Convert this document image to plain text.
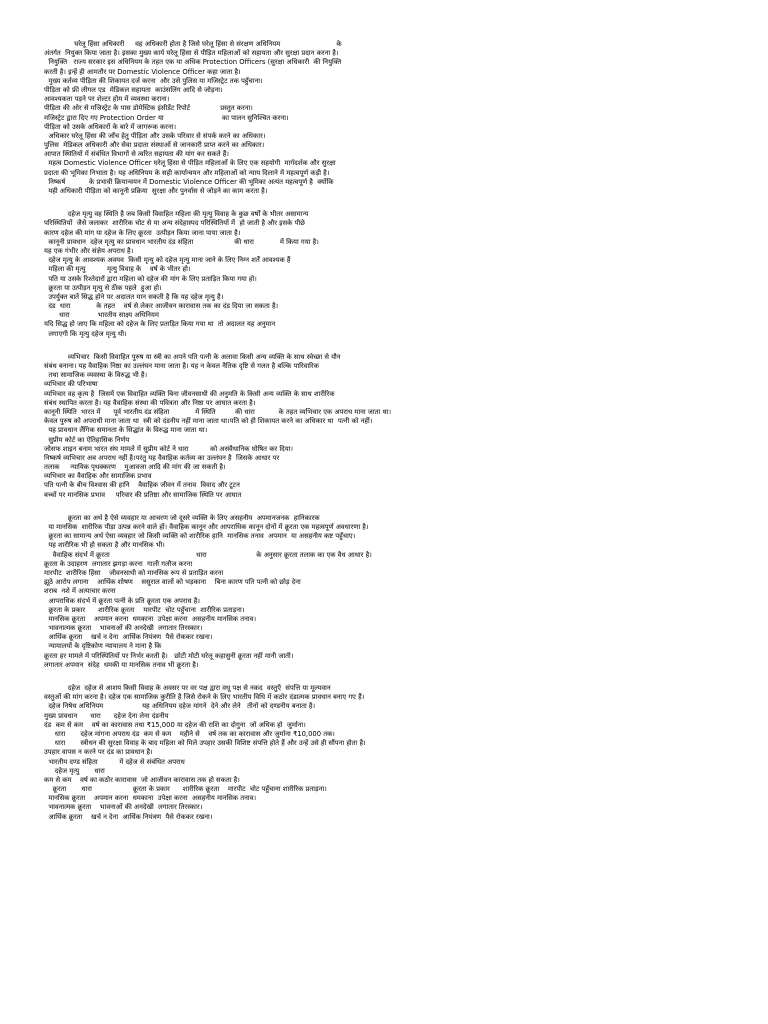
घरेलू हिंसा अधिकारी     वह अधिकारी होता है जिसे घरेलू हिंसा से संरक्षण अधिनियम                          के
अंतर्गत  नियुक्त किया जाता है। इसका मुख्य कार्य घरेलू हिंसा से पीड़ित महिलाओं को सहायता और सुरक्षा प्रदान करना है।
नियुक्ति   राज्य सरकार इस अधिनियम के तहत एक या अधिक Protection Officers (सुरक्षा अधिकारी  की नियुक्ति
करती है। इन्हें ही आमतौर पर Domestic Violence Officer कहा जाता है।
मुख्य कर्तव्य पीड़िता की शिकायत दर्ज करना  और उसे पुलिस या मजिस्ट्रेट तक पहुँचाना।
पीड़िता को फ्री लीगल एड  मेडिकल सहायता  काउंसलिंग आदि से जोड़ना।
आवश्यकता पड़ने पर शेल्टर होम में व्यवस्था कराना।
पीड़िता की ओर से मजिस्ट्रेट के पास डोमेस्टिक इंसीडेंट रिपोर्ट              प्रस्तुत करना।
मजिस्ट्रेट द्वारा दिए गए Protection Order या                           का पालन सुनिश्चित करना।
पीड़िता को उसके अधिकारों के बारे में जागरूक करना।
अधिकार घरेलू हिंसा की जाँच हेतु पीड़िता और उसके परिवार से संपर्क करने का अधिकार।
पुलिस  मेडिकल अधिकारी और सेवा प्रदाता संस्थाओं से जानकारी प्राप्त करने का अधिकार।
आपात स्थितियों में संबंधित विभागों से त्वरित सहायता की मांग कर सकते हैं।
महत्व Domestic Violence Officer घरेलू हिंसा से पीड़ित महिलाओं के लिए एक सहयोगी  मार्गदर्शक और सुरक्षा
प्रदाता की भूमिका निभाता है। यह अधिनियम के सही कार्यान्वयन और महिलाओं को न्याय दिलाने में महत्वपूर्ण कड़ी है।
निष्कर्ष           के प्रभावी क्रियान्वयन में Domestic Violence Officer की भूमिका अत्यंत महत्वपूर्ण है  क्योंकि
यही अधिकारी पीड़िता को कानूनी प्रक्रिया  सुरक्षा और पुनर्वास से जोड़ने का काम करता है।
दहेज मृत्यु वह स्थिति है जब किसी विवाहित महिला की मृत्यु विवाह के कुछ वर्षों के भीतर असामान्य
परिस्थितियों  जैसे जलाकर  शारीरिक चोट से या अन्य संदेहास्पद परिस्थितियों में  हो जाती है और इसके पीछे
कारण दहेज की मांग या दहेज के लिए क्रूरता  उत्पीड़न किया जाना पाया जाता है।
कानूनी प्रावधान  दहेज मृत्यु का प्रावधान भारतीय दंड संहिता                   की धारा            में किया गया है।
यह एक गंभीर और संज्ञेय अपराध है।
दहेज मृत्यु के आवश्यक अवयव  किसी मृत्यु को दहेज मृत्यु माना जाने के लिए निम्न शर्तें आवश्यक हैं
महिला की मृत्यु          मृत्यु विवाह के    वर्ष के भीतर हो।
पति या उसके रिश्तेदारों द्वारा महिला को दहेज की मांग के लिए प्रताड़ित किया गया हो।
क्रूरता या उत्पीड़न मृत्यु से ठीक पहले  हुआ हो।
उपर्युक्त बातें सिद्ध होने पर अदालत मान सकती है कि यह दहेज मृत्यु है।
दंड  धारा            के तहत    वर्ष से लेकर आजीवन कारावास तक का दंड दिया जा सकता है।
धारा             भारतीय साक्ष्य अधिनियम
यदि सिद्ध हो जाए कि महिला को दहेज के लिए प्रताड़ित किया गया था  तो अदालत यह अनुमान
लगाएगी कि मृत्यु दहेज मृत्यु थी।
व्यभिचार  किसी विवाहित पुरुष या स्त्री का अपने पति पत्नी के अलावा किसी अन्य व्यक्ति के साथ स्वेच्छा से यौन
संबंध बनाना। यह वैवाहिक निष्ठा का उल्लंघन माना जाता है। यह न केवल नैतिक दृष्टि से गलत है बल्कि पारिवारिक
तथा सामाजिक व्यवस्था के विरुद्ध भी है।
व्यभिचार की परिभाषा
व्यभिचार वह कृत्य है  जिसमें एक विवाहित व्यक्ति बिना जीवनसाथी की अनुमति के किसी अन्य व्यक्ति के साथ शारीरिक
संबंध स्थापित करता है। यह वैवाहिक संस्था की पवित्रता और निष्ठा पर आघात करता है।
कानूनी स्थिति  भारत में      पूर्व भारतीय दंड संहिता            में स्थिति         की धारा           के तहत व्यभिचार एक अपराध माना जाता था।
केवल पुरुष को अपराधी माना जाता था  स्त्री को दंडनीय नहीं माना जाता था।पति को ही शिकायत करने का अधिकार था  पत्नी को नहीं।
यह प्रावधान लैंगिक समानता के सिद्धांत के विरुद्ध माना जाता था।
सुप्रीम कोर्ट का ऐतिहासिक निर्णय
जोसफ शाइन बनाम भारत संघ मामले में सुप्रीम कोर्ट ने धारा          को असंवैधानिक घोषित कर दिया।
निष्कर्ष व्यभिचार अब अपराध नहीं है।परंतु यह वैवाहिक कर्तव्य का उल्लंघन है  जिसके आधार पर
तलाक     न्यायिक पृथक्करण    मुआवजा आदि की मांग की जा सकती है।
व्यभिचार का वैवाहिक और सामाजिक प्रभाव
पति पत्नी के बीच विश्वास की हानि    वैवाहिक जीवन में तनाव  विवाद और टूटन
बच्चों पर मानसिक प्रभाव     परिवार की प्रतिष्ठा और सामाजिक स्थिति पर आघात
क्रूरता का अर्थ है ऐसे व्यवहार या आचरण जो दूसरे व्यक्ति के लिए असहनीय  अपमानजनक  हानिकारक
या मानसिक  शारीरिक पीड़ा उत्पन्न करने वाले हों। वैवाहिक कानून और आपराधिक कानून दोनों में क्रूरता एक महत्वपूर्ण अवधारणा है।
क्रूरता का सामान्य अर्थ ऐसा व्यवहार जो किसी व्यक्ति को शारीरिक हानि  मानसिक तनाव  अपमान  या असहनीय कष्ट पहुँचाए।
यह शारीरिक भी हो सकता है और मानसिक भी।
वैवाहिक संदर्भ में क्रूरता                                        धारा                       के अनुसार क्रूरता तलाक का एक वैध आधार है।
क्रूरता के उदाहरण  लगातार झगड़ा करना  गाली गलौज करना
मारपीट  शारीरिक हिंसा    जीवनसाथी को मानसिक रूप से प्रताड़ित करना
झूठे आरोप लगाना    आर्थिक शोषण    ससुराल वालों को भड़काना    बिना कारण पति पत्नी को छोड़ देना
शराब  नशे में अत्याचार करना
आपराधिक संदर्भ में क्रूरता पत्नी के प्रति क्रूरता एक अपराध है।
क्रूरता के प्रकार      शारीरिक क्रूरता    मारपीट  चोट पहुँचाना  शारीरिक प्रताड़ना।
मानसिक क्रूरता    अपमान करना  धमकाना  उपेक्षा करना  असहनीय मानसिक तनाव।
भावनात्मक क्रूरता    भावनाओं की अनदेखी  लगातार तिरस्कार।
आर्थिक क्रूरता    खर्च न देना  आर्थिक नियंत्रण  पैसे रोककर रखना।
न्यायालयों के दृष्टिकोण न्यायालय ने माना है कि
क्रूरता हर मामले में परिस्थितियों पर निर्भर करती है।   छोटी मोटी घरेलू कहासुनी क्रूरता नहीं मानी जाती।
लगातार अपमान  संदेह  धमकी या मानसिक तनाव भी क्रूरता है।
दहेज  दहेज से आशय किसी विवाह के अवसर पर वर पक्ष द्वारा वधू पक्ष से नकद  वस्तुएँ  संपत्ति या मूल्यवान
वस्तुओं की मांग करना है। दहेज एक सामाजिक कुरीति है जिसे रोकने के लिए भारतीय विधि में कठोर दंडात्मक प्रावधान बनाए गए हैं।
दहेज निषेध अधिनियम                  यह अधिनियम दहेज मांगने  देने और लेने   तीनों को दण्डनीय बनाता है।
मुख्य प्रावधान      धारा      दहेज देना लेना दंडनीय
दंड  कम से कम    वर्ष का कारावास तथा ₹15,000 या दहेज की राशि का दोगुना  जो अधिक हो  जुर्माना।
धारा       दहेज मांगना अपराध दंड  कम से कम    महीने से    वर्ष तक का कारावास और जुर्माना ₹10,000 तक।
धारा       स्त्रीधन की सुरक्षा विवाह के बाद महिला को मिले उपहार उसकी विशिष्ट संपत्ति होते हैं और उन्हें उसे ही सौंपना होता है।
उपहार वापस न करने पर दंड का प्रावधान है।
भारतीय दण्ड संहिता          में दहेज से संबंधित अपराध
दहेज मृत्यु       धारा
कम से कम    वर्ष का कठोर कारावास  जो आजीवन कारावास तक हो सकता है।
क्रूरता       धारा                   क्रूरता के प्रकार      शारीरिक क्रूरता    मारपीट  चोट पहुँचाना शारीरिक प्रताड़ना।
मानसिक क्रूरता    अपमान करना  धमकाना  उपेक्षा करना  असहनीय मानसिक तनाव।
भावनात्मक क्रूरता    भावनाओं की अनदेखी  लगातार तिरस्कार।
आर्थिक क्रूरता    खर्च न देना  आर्थिक नियंत्रण  पैसे रोककर रखना।
